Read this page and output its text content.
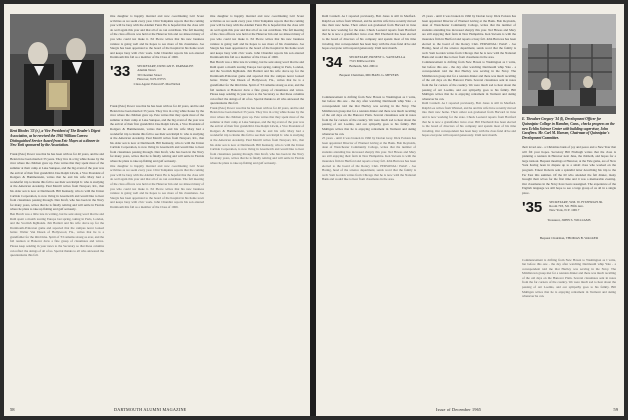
Kent Rhodes '33 (r.), a Vice President of The Reader's Digest Association, as he received the 1965 William Carrow Distinguished Service Award from Eric Mayes at a dinner in New York sponsored by the Association.

Frank (Pete) Power was that he has been with us for 40 years, and he and Helen have been married 33 years. They live in a big white house by the river where the children grew up. Pete writes that they spent most of the summer at their camp at Lake Sunapee, and the big event of the year was the arrival of their first grandchild. Dee Ralph Litwin, a Vice President of Rodgers & Hammerstein, writes that he and his wife Mary had a wonderful trip to Rome this fall to see their son Ralph Jr. who is studying at the American Academy. Paul Merrill writes from Newport, R.I., that his older son is now at Dartmouth. Bill Kennedy, who is with the Union Carbide Corporation, is now living in Greenwich and would like to hear from classmates passing through. Dan Kraft, who has been in the Navy for many years, writes that he is finally retiring and will settle in Florida where he plans to take up fishing and golf seriously.

Ben Burch was a little late in writing, but he sent along word that he and Ruth spent a month touring Europe last spring, taking in Paris, London, and the Scottish highlands. Jim Bartlett and his wife drove up for the Dartmouth-Princeton game and reported that the campus never looked better. Walter Van Dusen of Hollywood, Fla., writes that he is a grandfather for the third time. Spirit of '33 remains strong as ever, and the fall reunion at Hanover drew a fine group of classmates and wives. Please keep sending in your news to the Secretary so that these columns can reflect the doings of all of us. Special thanks to all who answered the questionnaire this fall.

One daughter is happily married and now coordinating Girl Scout activities as we seem every year. Clint Tompkins reports that the coming year will be busy with the Alumni Fund. He is hopeful that the class will do well again this year and that all of us can contribute. The fall meeting of the class officers was held at the Hanover Inn and we missed many of you who could not make it. Ed Pierce writes that his new business venture is going well and he hopes to see more of his classmates. Joe Sturgis has been appointed to the board of the hospital in his home town and keeps busy with civic work. John Chandler reports his son entered Dartmouth this fall as a member of the Class of 1969.

'33 SECRETARY, DUNCAN E. PARMALEE
Alumni News
30 Chestnut Street
Hanover, N.H. 03755 Class Agent: Edward F. MacNichol

Frank (Pete) Power was that he has been with us for 40 years, and he and Helen have been married 33 years. They live in a big white house by the river where the children grew up. Pete writes that they spent most of the summer at their camp at Lake Sunapee, and the big event of the year was the arrival of their first grandchild. Dee Ralph Litwin, a Vice President of Rodgers & Hammerstein, writes that he and his wife Mary had a wonderful trip to Rome this fall to see their son Ralph Jr. who is studying at the American Academy. Paul Merrill writes from Newport, R.I., that his older son is now at Dartmouth. Bill Kennedy, who is with the Union Carbide Corporation, is now living in Greenwich and would like to hear from classmates passing through. Dan Kraft, who has been in the Navy for many years, writes that he is finally retiring and will settle in Florida where he plans to take up fishing and golf seriously.

One daughter is happily married and now coordinating Girl Scout activities as we seem every year. Clint Tompkins reports that the coming year will be busy with the Alumni Fund. He is hopeful that the class will do well again this year and that all of us can contribute. The fall meeting of the class officers was held at the Hanover Inn and we missed many of you who could not make it. Ed Pierce writes that his new business venture is going well and he hopes to see more of his classmates. Joe Sturgis has been appointed to the board of the hospital in his home town and keeps busy with civic work. John Chandler reports his son entered Dartmouth this fall as a member of the Class of 1969.

One daughter is happily married and now coordinating Girl Scout activities as we seem every year. Clint Tompkins reports that the coming year will be busy with the Alumni Fund. He is hopeful that the class will do well again this year and that all of us can contribute. The fall meeting of the class officers was held at the Hanover Inn and we missed many of you who could not make it. Ed Pierce writes that his new business venture is going well and he hopes to see more of his classmates. Joe Sturgis has been appointed to the board of the hospital in his home town and keeps busy with civic work. John Chandler reports his son entered Dartmouth this fall as a member of the Class of 1969.

Ben Burch was a little late in writing, but he sent along word that he and Ruth spent a month touring Europe last spring, taking in Paris, London, and the Scottish highlands. Jim Bartlett and his wife drove up for the Dartmouth-Princeton game and reported that the campus never looked better. Walter Van Dusen of Hollywood, Fla., writes that he is a grandfather for the third time. Spirit of '33 remains strong as ever, and the fall reunion at Hanover drew a fine group of classmates and wives. Please keep sending in your news to the Secretary so that these columns can reflect the doings of all of us. Special thanks to all who answered the questionnaire this fall.

Frank (Pete) Power was that he has been with us for 40 years, and he and Helen have been married 33 years. They live in a big white house by the river where the children grew up. Pete writes that they spent most of the summer at their camp at Lake Sunapee, and the big event of the year was the arrival of their first grandchild. Dee Ralph Litwin, a Vice President of Rodgers & Hammerstein, writes that he and his wife Mary had a wonderful trip to Rome this fall to see their son Ralph Jr. who is studying at the American Academy. Paul Merrill writes from Newport, R.I., that his older son is now at Dartmouth. Bill Kennedy, who is with the Union Carbide Corporation, is now living in Greenwich and would like to hear from classmates passing through. Dan Kraft, who has been in the Navy for many years, writes that he is finally retiring and will settle in Florida where he plans to take up fishing and golf seriously.

58	DARTMOUTH ALUMNI MAGAZINE

Ruth Connell. As I reported previously, Bob Jones is still in Medford. Ralph Lee writes from Winsted, and he and his wife have recently moved into their new home. Their oldest son graduated from Harvard in June and is now working for the state. Chuck Leonard reports from Hartford that he is now a grandfather twice over. Bill Eberhardt has been elected to the board of directors of his company and spends most of his time traveling. Our correspondent has been busy with the class fund drive and hopes everyone will respond generously. Until next month.

'34 SECRETARY, ERNEST L. SANTAELLA
7315 Millwood Rd.
Bethesda, Md. 20014 Bequest Chairman, MICHAEL G. MEYERS

Commencement is drifting from New Haven to Washington as I write, but before this one - the day after watching Dartmouth whip Yale - a correspondent told me that Hartley was serving in the Navy. The Middletown group met for a reunion dinner and there was much recalling of the old days on the Hanover Plain. Several classmates sent in notes from the far corners of the country. We were much sad to hear about the passing of Art Loomis, and our sympathy goes to his family. Bill Mulligan writes that he is enjoying retirement in Vermont and skiing whenever he can.

25 years - until it was broken in 1960 by Dorian Gray. Dick Polston has been appointed Director of Planned Giving at the Bank. Bob Reynolds, dean of Westchester Community College, writes that the number of students attending has increased sharply this year. Ted Hawes and Mary are still enjoying their farm in New Hampshire. Ken Stevens is with the insurance firm in Hartford and reports a busy fall. John Burrows has been elected to the board of the Rotary Club. PERSONAL: PAGE - Joe Haring, head of the science department, sends word that the family is well. Sam Gordon writes from Chicago that he is now with the National Bank and would like to hear from classmates in the area.

25 years - until it was broken in 1960 by Dorian Gray. Dick Polston has been appointed Director of Planned Giving at the Bank. Bob Reynolds, dean of Westchester Community College, writes that the number of students attending has increased sharply this year. Ted Hawes and Mary are still enjoying their farm in New Hampshire. Ken Stevens is with the insurance firm in Hartford and reports a busy fall. John Burrows has been elected to the board of the Rotary Club. PERSONAL: PAGE - Joe Haring, head of the science department, sends word that the family is well. Sam Gordon writes from Chicago that he is now with the National Bank and would like to hear from classmates in the area.

Commencement is drifting from New Haven to Washington as I write, but before this one - the day after watching Dartmouth whip Yale - a correspondent told me that Hartley was serving in the Navy. The Middletown group met for a reunion dinner and there was much recalling of the old days on the Hanover Plain. Several classmates sent in notes from the far corners of the country. We were much sad to hear about the passing of Art Loomis, and our sympathy goes to his family. Bill Mulligan writes that he is enjoying retirement in Vermont and skiing whenever he can.

Ruth Connell. As I reported previously, Bob Jones is still in Medford. Ralph Lee writes from Winsted, and he and his wife have recently moved into their new home. Their oldest son graduated from Harvard in June and is now working for the state. Chuck Leonard reports from Hartford that he is now a grandfather twice over. Bill Eberhardt has been elected to the board of directors of his company and spends most of his time traveling. Our correspondent has been busy with the class fund drive and hopes everyone will respond generously. Until next month.

E. Theodore Gregory '34 (l), Development Officer for Quinnipiac College in Hamden, Conn., checks progress on the new Echlin Science Center with building supervisor, John Carafiero. Mr. Carl M. Hansen, Chairman of Quinnipiac's Development Committee.

their loved one - a Christmas bank of joy and peace and a New Year that will fill your hopes. Secretary Bill Fitzhugh writes that the class is planning a reunion in Hanover next June, the thirtieth, and hopes for a large turnout. Bequest meetings at Hanover, at the Yale game, are of New York having been in dispute up to a small class who worked on the program. Ernest Roberts sent a splendid letter describing his trip to the Far East this summer. Of the 60 who attended the fall dinner, many brought their wives for the first time and it was a memorable evening. Our classmates in the Navy have been reassigned. The experience of the English language we still hope to see a large group of us all in a single place.

'35 SECRETARY, WM. W. FITZHUGH JR.
Room 703, 521 Fifth Ave.
New York, N.Y. 10017 Treasurer, JOHN S. WILLIAMS Bequest Chairman, THOMAS B. WALKER

Commencement is drifting from New Haven to Washington as I write, but before this one - the day after watching Dartmouth whip Yale - a correspondent told me that Hartley was serving in the Navy. The Middletown group met for a reunion dinner and there was much recalling of the old days on the Hanover Plain. Several classmates sent in notes from the far corners of the country. We were much sad to hear about the passing of Art Loomis, and our sympathy goes to his family. Bill Mulligan writes that he is enjoying retirement in Vermont and skiing whenever he can.

Issue of December 1965	59
